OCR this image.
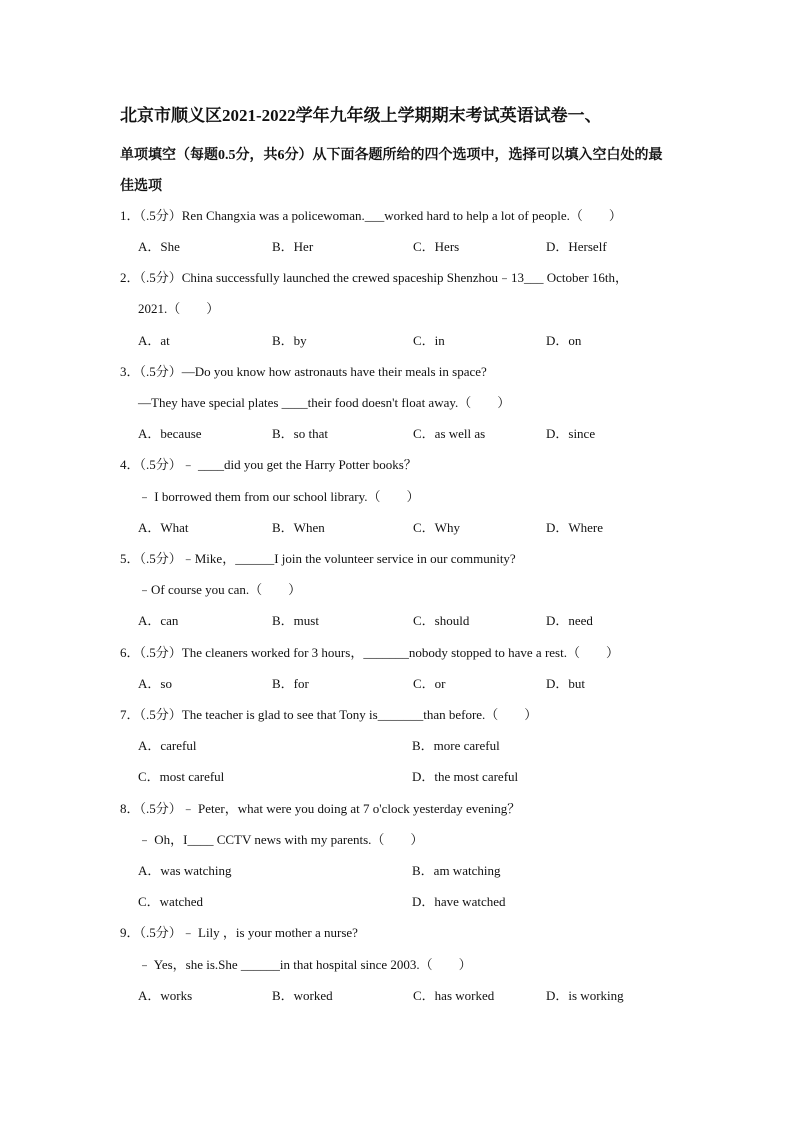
北京市顺义区2021-2022学年九年级上学期期末考试英语试卷一、
单项填空（每题0.5分，共6分）从下面各题所给的四个选项中，选择可以填入空白处的最
佳选项
1．（.5分）Ren Changxia was a policewoman.___worked hard to help a lot of people.（　　）
A．She	B．Her	C．Hers	D．Herself
2．（.5分）China successfully launched the crewed spaceship Shenzhou﹣13___ October 16th，
2021.（　　）
A．at	B．by	C．in	D．on
3．（.5分）—Do you know how astronauts have their meals in space?
—They have special plates ____their food doesn't float away.（　　）
A．because	B．so that	C．as well as	D．since
4．（.5分）﹣ ____did you get the Harry Potter books？
﹣ I borrowed them from our school library.（　　）
A．What	B．When	C．Why	D．Where
5．（.5分）﹣Mike，______I join the volunteer service in our community?
﹣Of course you can.（　　）
A．can	B．must	C．should	D．need
6．（.5分）The cleaners worked for 3 hours，_______nobody stopped to have a rest.（　　）
A．so	B．for	C．or	D．but
7．（.5分）The teacher is glad to see that Tony is_______than before.（　　）
A．careful	B．more careful
C．most careful	D．the most careful
8．（.5分）﹣ Peter，what were you doing at 7 o'clock yesterday evening？
﹣ Oh，I____ CCTV news with my parents.（　　）
A．was watching	B．am watching
C．watched	D．have watched
9．（.5分）﹣ Lily ，is your mother a nurse?
﹣ Yes，she is.She ______in that hospital since 2003.（　　）
A．works	B．worked	C．has worked	D．is working
